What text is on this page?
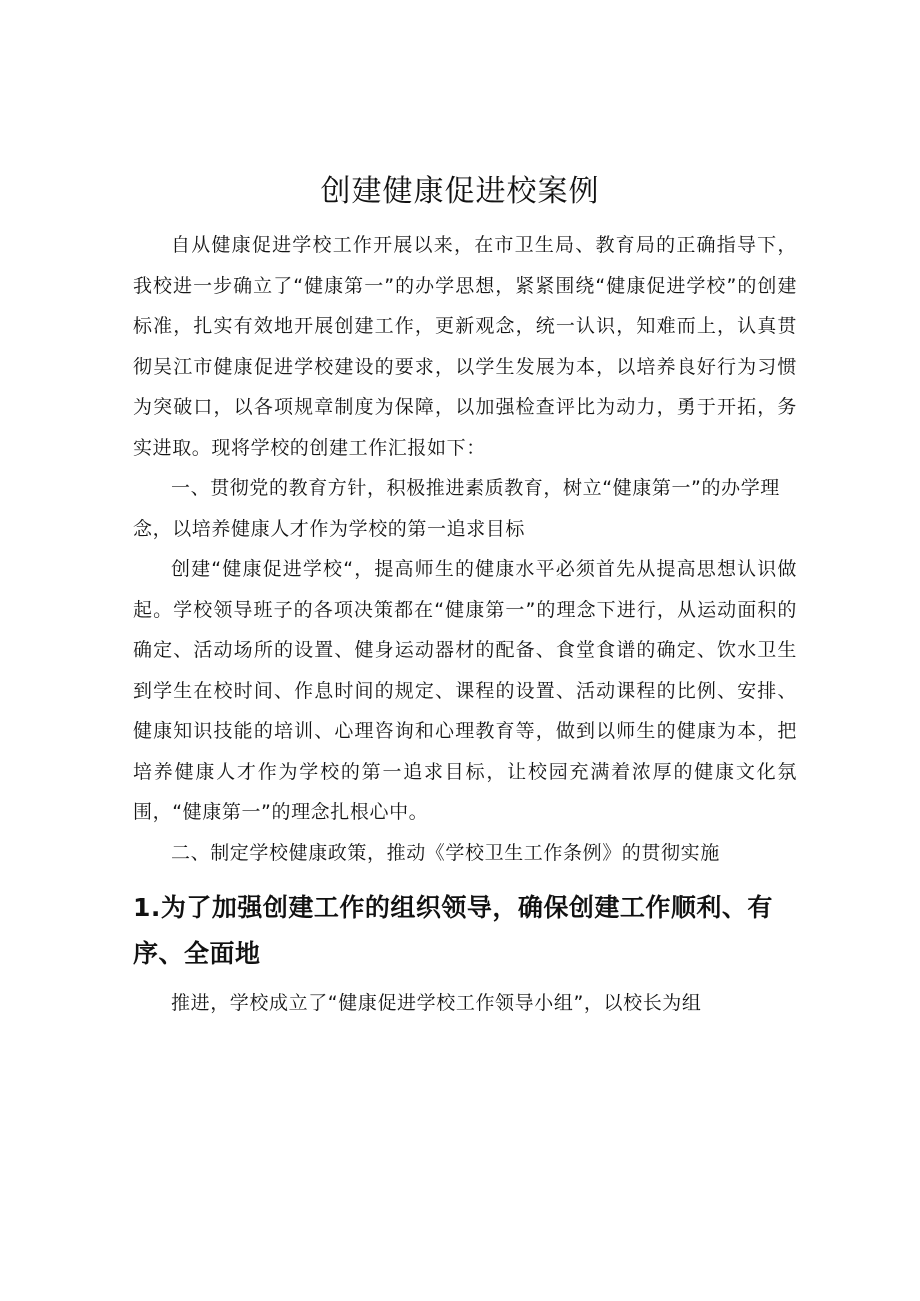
创建健康促进校案例

自从健康促进学校工作开展以来，在市卫生局、教育局的正确指导下，我校进一步确立了“健康第一”的办学思想，紧紧围绕“健康促进学校”的创建标准，扎实有效地开展创建工作，更新观念，统一认识，知难而上，认真贯彻吴江市健康促进学校建设的要求，以学生发展为本，以培养良好行为习惯为突破口，以各项规章制度为保障，以加强检查评比为动力，勇于开拓，务实进取。现将学校的创建工作汇报如下：

一、贯彻党的教育方针，积极推进素质教育，树立“健康第一”的办学理念，以培养健康人才作为学校的第一追求目标

创建“健康促进学校“，提高师生的健康水平必须首先从提高思想认识做起。学校领导班子的各项决策都在“健康第一”的理念下进行，从运动面积的确定、活动场所的设置、健身运动器材的配备、食堂食谱的确定、饮水卫生到学生在校时间、作息时间的规定、课程的设置、活动课程的比例、安排、健康知识技能的培训、心理咨询和心理教育等，做到以师生的健康为本，把培养健康人才作为学校的第一追求目标，让校园充满着浓厚的健康文化氛围，“健康第一”的理念扎根心中。

二、制定学校健康政策，推动《学校卫生工作条例》的贯彻实施

1.为了加强创建工作的组织领导，确保创建工作顺利、有序、全面地

推进，学校成立了“健康促进学校工作领导小组”，以校长为组
